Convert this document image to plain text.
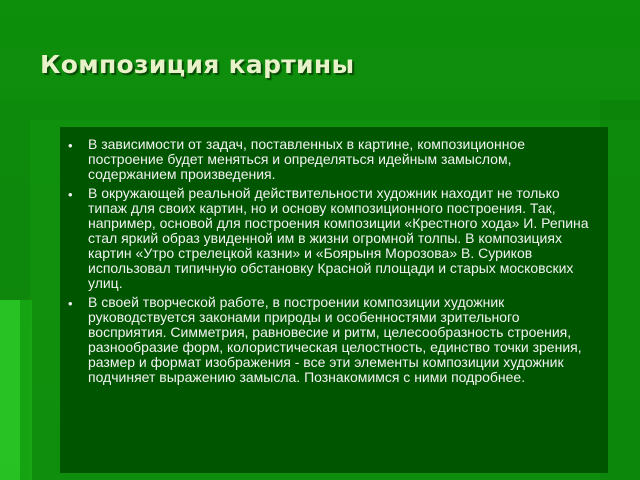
Композиция картины
• В зависимости от задач, поставленных в картине, композиционное построение будет меняться и определяться идейным замыслом, содержанием произведения.
• В окружающей реальной действительности художник находит не только типаж для своих картин, но и основу композиционного построения. Так, например, основой для построения композиции «Крестного хода» И. Репина стал яркий образ увиденной им в жизни огромной толпы. В композициях картин «Утро стрелецкой казни» и «Боярыня Морозова» В. Суриков использовал типичную обстановку Красной площади и старых московских улиц.
• В своей творческой работе, в построении композиции художник руководствуется законами природы и особенностями зрительного восприятия. Симметрия, равновесие и ритм, целесообразность строения, разнообразие форм, колористическая целостность, единство точки зрения, размер и формат изображения - все эти элементы композиции художник подчиняет выражению замысла. Познакомимся с ними подробнее.
